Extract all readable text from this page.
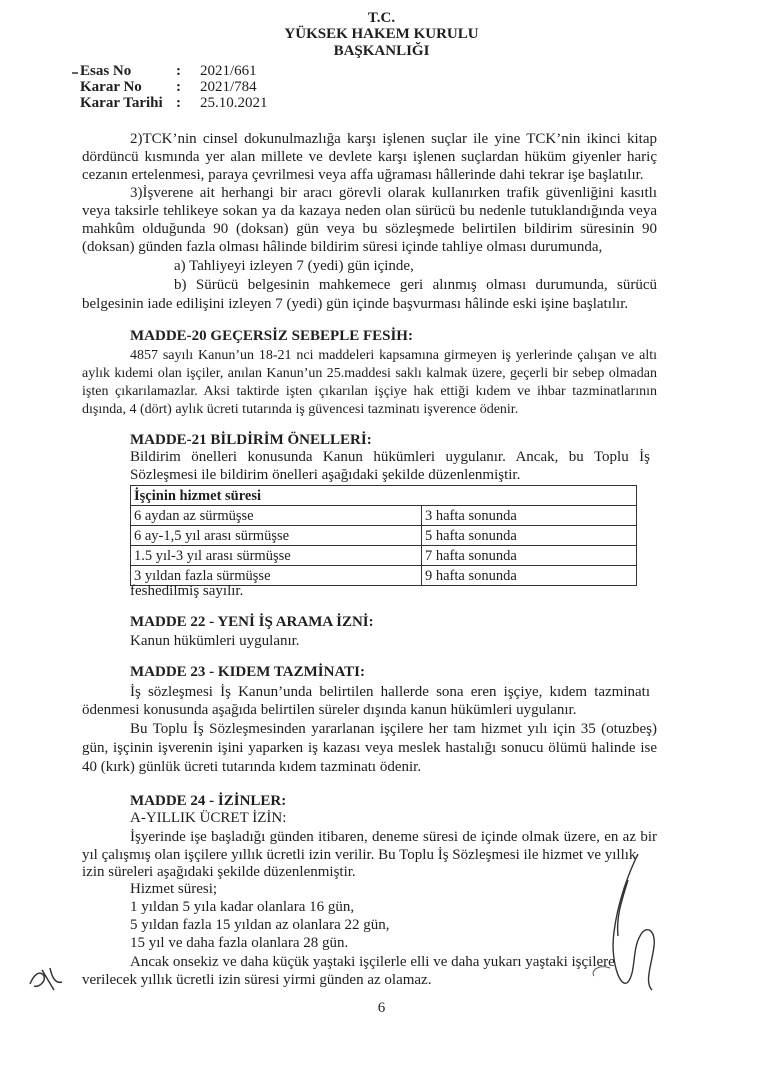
T.C.
YÜKSEK HAKEM KURULU
BAŞKANLIĞI
Esas No	: 2021/661
Karar No : 2021/784
Karar Tarihi : 25.10.2021
2)TCK’nin cinsel dokunulmazlığa karşı işlenen suçlar ile yine TCK’nin ikinci kitap
dördüncü kısmında yer alan millete ve devlete karşı işlenen suçlardan hüküm giyenler hariç
cezanın ertelenmesi, paraya çevrilmesi veya affa uğraması hâllerinde dahi tekrar işe başlatılır.
3)İşverene ait herhangi bir aracı görevli olarak kullanırken trafik güvenliğini kasıtlı
veya taksirle tehlikeye sokan ya da kazaya neden olan sürücü bu nedenle tutuklandığında veya
mahkûm olduğunda 90 (doksan) gün veya bu sözleşmede belirtilen bildirim süresinin 90
(doksan) günden fazla olması hâlinde bildirim süresi içinde tahliye olması durumunda,
a) Tahliyeyi izleyen 7 (yedi) gün içinde,
b) Sürücü belgesinin mahkemece geri alınmış olması durumunda, sürücü
belgesinin iade edilişini izleyen 7 (yedi) gün içinde başvurması hâlinde eski işine başlatılır.
MADDE-20 GEÇERSİZ SEBEPLE FESİH:
4857 sayılı Kanun’un 18-21 nci maddeleri kapsamına girmeyen iş yerlerinde çalışan ve altı
aylık kıdemi olan işçiler, anılan Kanun’un 25.maddesi saklı kalmak üzere, geçerli bir sebep olmadan
işten çıkarılamazlar. Aksi taktirde işten çıkarılan işçiye hak ettiği kıdem ve ihbar tazminatlarının
dışında, 4 (dört) aylık ücreti tutarında iş güvencesi tazminatı işverence ödenir.
MADDE-21 BİLDİRİM ÖNELLERİ:
Bildirim önelleri konusunda Kanun hükümleri uygulanır. Ancak, bu Toplu İş
Sözleşmesi ile bildirim önelleri aşağıdaki şekilde düzenlenmiştir.
İşçinin hizmet süresi	
6 aydan az sürmüşse	3 hafta sonunda
6 ay-1,5 yıl arası sürmüşse	5 hafta sonunda
1.5 yıl-3 yıl arası sürmüşse	7 hafta sonunda
3 yıldan fazla sürmüşse	9 hafta sonunda
feshedilmiş sayılır.
MADDE 22 - YENİ İŞ ARAMA İZNİ:
Kanun hükümleri uygulanır.
MADDE 23 - KIDEM TAZMİNATI:
İş sözleşmesi İş Kanun’unda belirtilen hallerde sona eren işçiye, kıdem tazminatı
ödenmesi konusunda aşağıda belirtilen süreler dışında kanun hükümleri uygulanır.
Bu Toplu İş Sözleşmesinden yararlanan işçilere her tam hizmet yılı için 35 (otuzbeş)
gün, işçinin işverenin işini yaparken iş kazası veya meslek hastalığı sonucu ölümü halinde ise
40 (kırk) günlük ücreti tutarında kıdem tazminatı ödenir.
MADDE 24 - İZİNLER:
A-YILLIK ÜCRET İZİN:
İşyerinde işe başladığı günden itibaren, deneme süresi de içinde olmak üzere, en az bir
yıl çalışmış olan işçilere yıllık ücretli izin verilir. Bu Toplu İş Sözleşmesi ile hizmet ve yıllık
izin süreleri aşağıdaki şekilde düzenlenmiştir.
Hizmet süresi;
1 yıldan 5 yıla kadar olanlara 16 gün,
5 yıldan fazla 15 yıldan az olanlara 22 gün,
15 yıl ve daha fazla olanlara 28 gün.
Ancak onsekiz ve daha küçük yaştaki işçilerle elli ve daha yukarı yaştaki işçilere
verilecek yıllık ücretli izin süresi yirmi günden az olamaz.
6
